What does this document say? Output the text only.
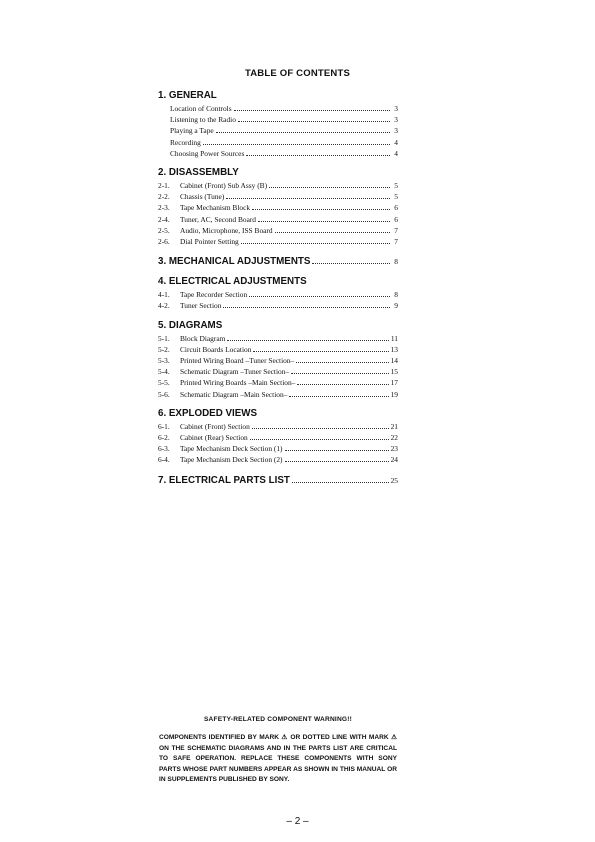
TABLE OF CONTENTS
1. GENERAL
Location of Controls	3
Listening to the Radio	3
Playing a Tape	3
Recording	4
Choosing Power Sources	4
2. DISASSEMBLY
2-1.	Cabinet (Front) Sub Assy (B)	5
2-2.	Chassis (Tune)	5
2-3.	Tape Mechanism Block	6
2-4.	Tuner, AC, Second Board	6
2-5.	Audio, Microphone, ISS Board	7
2-6.	Dial Pointer Setting	7
3. MECHANICAL ADJUSTMENTS	8
4. ELECTRICAL ADJUSTMENTS
4-1.	Tape Recorder Section	8
4-2.	Tuner Section	9
5. DIAGRAMS
5-1.	Block Diagram	11
5-2.	Circuit Boards Location	13
5-3.	Printed Wiring Board –Tuner Section–	14
5-4.	Schematic Diagram –Tuner Section–	15
5-5.	Printed Wiring Boards –Main Section–	17
5-6.	Schematic Diagram –Main Section–	19
6. EXPLODED VIEWS
6-1.	Cabinet (Front) Section	21
6-2.	Cabinet (Rear) Section	22
6-3.	Tape Mechanism Deck Section (1)	23
6-4.	Tape Mechanism Deck Section (2)	24
7. ELECTRICAL PARTS LIST	25
SAFETY-RELATED COMPONENT WARNING!!
COMPONENTS IDENTIFIED BY MARK ⚠ OR DOTTED LINE WITH MARK ⚠ ON THE SCHEMATIC DIAGRAMS AND IN THE PARTS LIST ARE CRITICAL TO SAFE OPERATION. REPLACE THESE COMPONENTS WITH SONY PARTS WHOSE PART NUMBERS APPEAR AS SHOWN IN THIS MANUAL OR IN SUPPLEMENTS PUBLISHED BY SONY.
– 2 –
